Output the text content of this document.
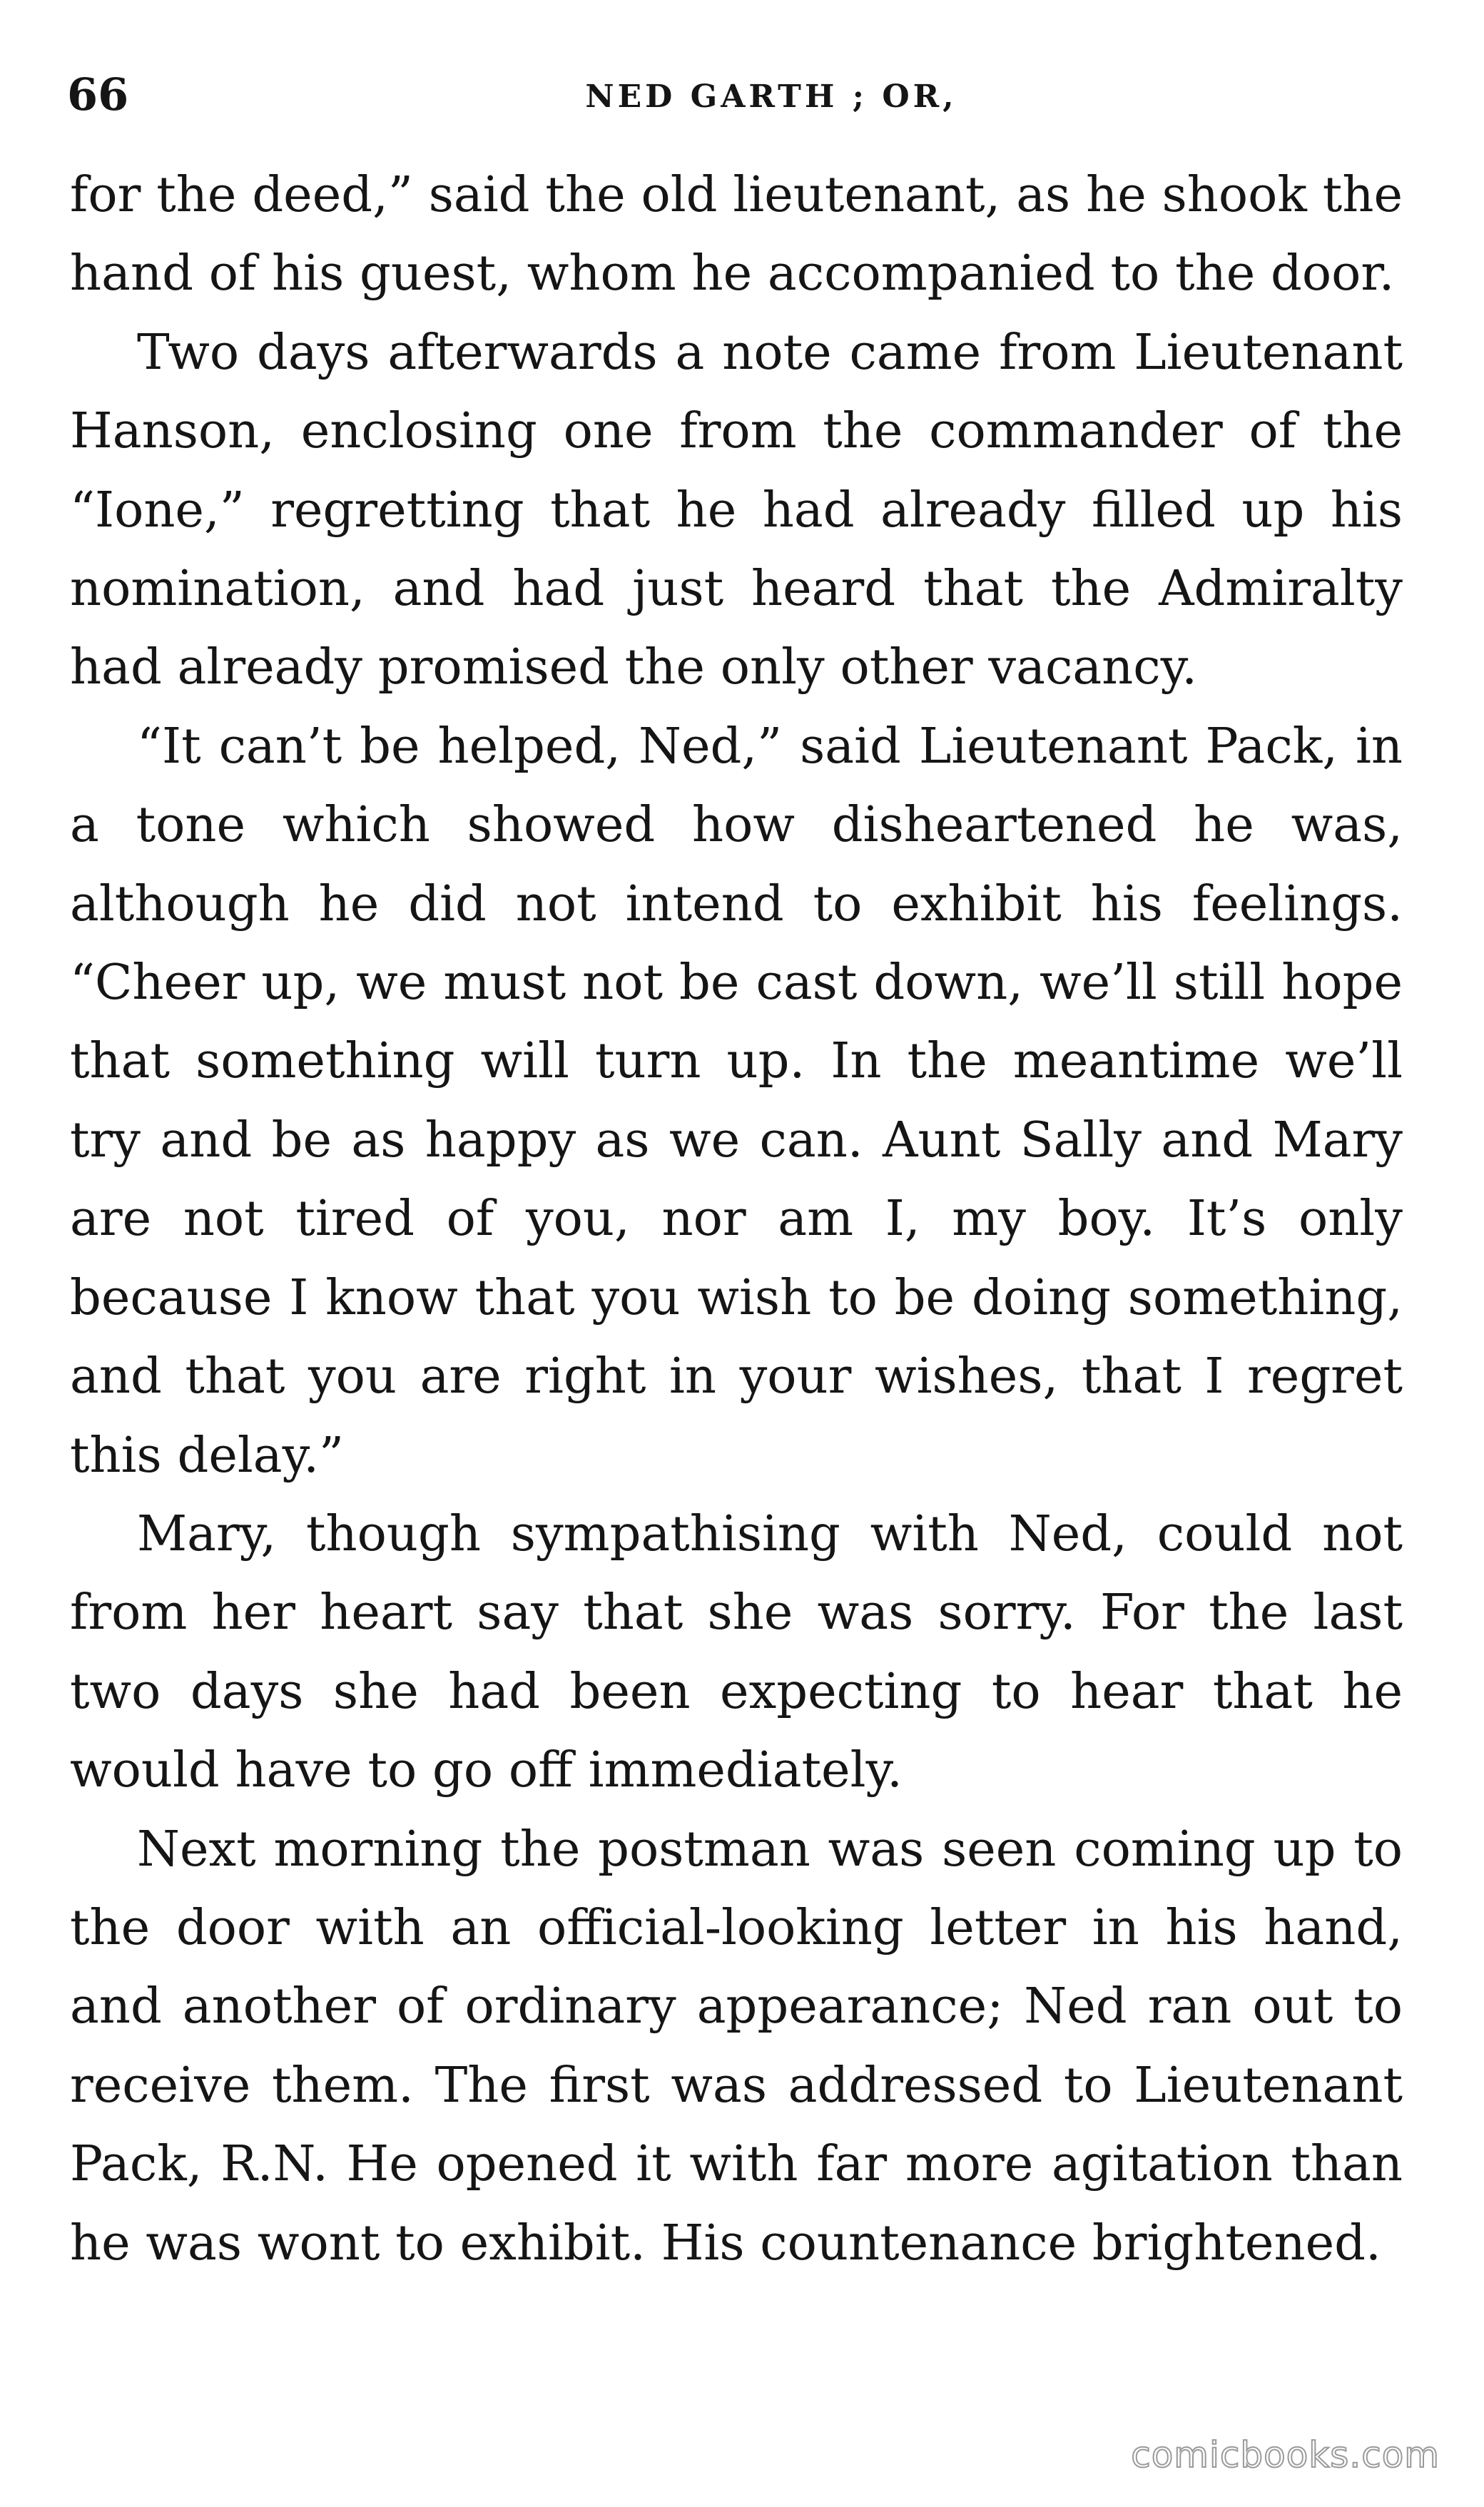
66	NED GARTH ; OR,

for the deed,” said the old lieutenant, as he shook the hand of his guest, whom he accompanied to the door.

Two days afterwards a note came from Lieutenant Hanson, enclosing one from the commander of the “Ione,” regretting that he had already filled up his nomination, and had just heard that the Admiralty had already promised the only other vacancy.

“It can’t be helped, Ned,” said Lieutenant Pack, in a tone which showed how disheartened he was, although he did not intend to exhibit his feelings. “Cheer up, we must not be cast down, we’ll still hope that something will turn up. In the meantime we’ll try and be as happy as we can. Aunt Sally and Mary are not tired of you, nor am I, my boy. It’s only because I know that you wish to be doing something, and that you are right in your wishes, that I regret this delay.”

Mary, though sympathising with Ned, could not from her heart say that she was sorry. For the last two days she had been expecting to hear that he would have to go off immediately.

Next morning the postman was seen coming up to the door with an official-looking letter in his hand, and another of ordinary appearance; Ned ran out to receive them. The first was addressed to Lieutenant Pack, R.N. He opened it with far more agitation than he was wont to exhibit. His countenance brightened.

comicbooks.com
